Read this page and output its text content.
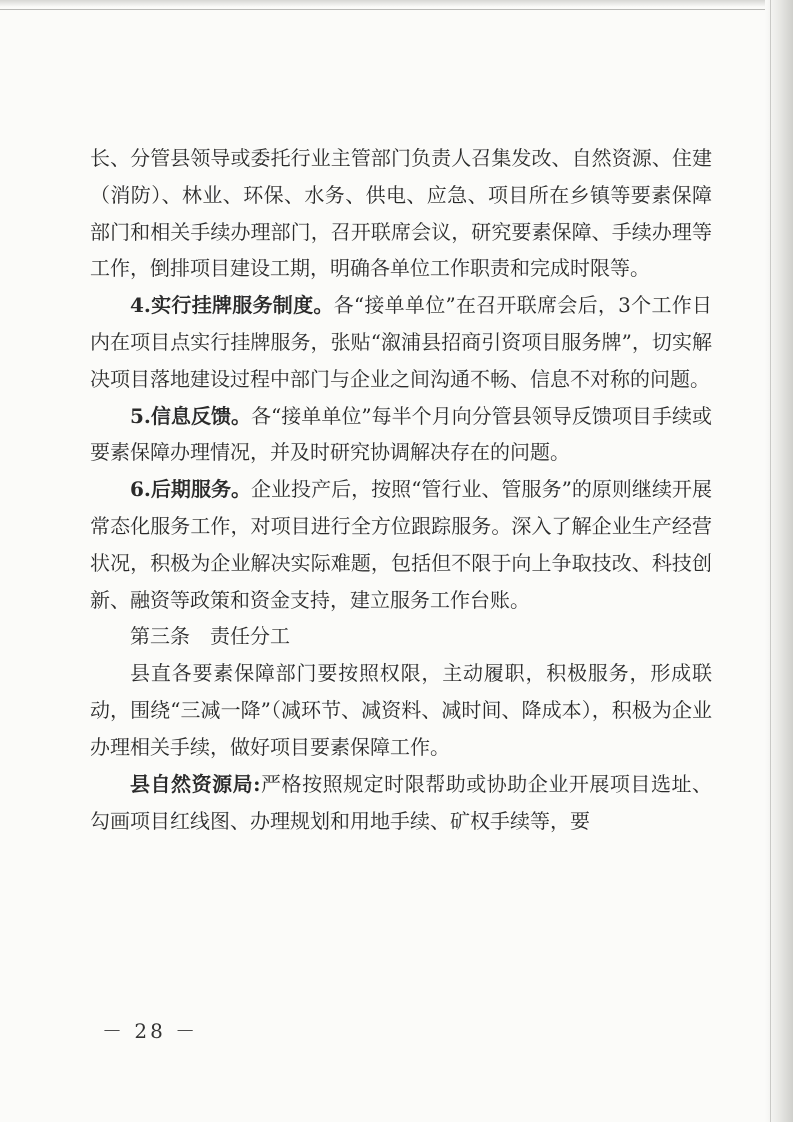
长、分管县领导或委托行业主管部门负责人召集发改、自然资源、住建（消防）、林业、环保、水务、供电、应急、项目所在乡镇等要素保障部门和相关手续办理部门，召开联席会议，研究要素保障、手续办理等工作，倒排项目建设工期，明确各单位工作职责和完成时限等。

4.实行挂牌服务制度。各“接单单位”在召开联席会后，3个工作日内在项目点实行挂牌服务，张贴“溆浦县招商引资项目服务牌”，切实解决项目落地建设过程中部门与企业之间沟通不畅、信息不对称的问题。

5.信息反馈。各“接单单位”每半个月向分管县领导反馈项目手续或要素保障办理情况，并及时研究协调解决存在的问题。

6.后期服务。企业投产后，按照“管行业、管服务”的原则继续开展常态化服务工作，对项目进行全方位跟踪服务。深入了解企业生产经营状况，积极为企业解决实际难题，包括但不限于向上争取技改、科技创新、融资等政策和资金支持，建立服务工作台账。

第三条 责任分工

县直各要素保障部门要按照权限，主动履职，积极服务，形成联动，围绕“三减一降”（减环节、减资料、减时间、降成本），积极为企业办理相关手续，做好项目要素保障工作。

县自然资源局:严格按照规定时限帮助或协助企业开展项目选址、勾画项目红线图、办理规划和用地手续、矿权手续等，要

－ 28 －
